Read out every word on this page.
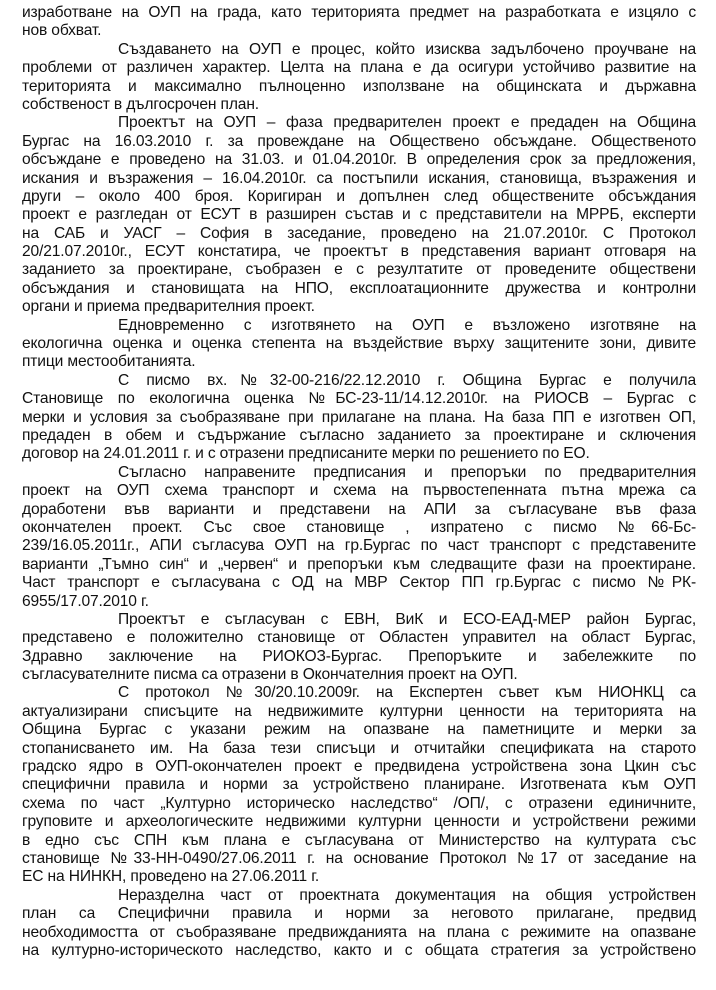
изработване на ОУП на града, като територията предмет на разработката е изцяло с
нов обхват.
Създаването на ОУП е процес, който изисква задълбочено проучване на
проблеми от различен характер. Целта на плана е да осигури устойчиво развитие на
територията и максимално пълноценно използване на общинската и държавна
собственост в дългосрочен план.
Проектът на ОУП – фаза предварителен проект е предаден на Община
Бургас на 16.03.2010 г. за провеждане на Обществено обсъждане. Общественото
обсъждане е проведено на 31.03. и 01.04.2010г. В определения срок за предложения,
искания и възражения – 16.04.2010г. са постъпили искания, становища, възражения и
други – около 400 броя. Коригиран и допълнен след обществените обсъждания
проект е разгледан от ЕСУТ в разширен състав и с представители на МРРБ, експерти
на САБ и УАСГ – София в заседание, проведено на 21.07.2010г. С Протокол
20/21.07.2010г., ЕСУТ констатира, че проектът в представения вариант отговаря на
заданието за проектиране, съобразен е с резултатите от проведените обществени
обсъждания и становищата на НПО, експлоатационните дружества и контролни
органи и приема предварителния проект.
Едновременно с изготвянето на ОУП е възложено изготвяне на
екологична оценка и оценка степента на въздействие върху защитените зони, дивите
птици местообитанията.
С писмо вх.№32-00-216/22.12.2010 г. Община Бургас е получила
Становище по екологична оценка №БС-23-11/14.12.2010г. на РИОСВ – Бургас с
мерки и условия за съобразяване при прилагане на плана. На база ПП е изготвен ОП,
предаден в обем и съдържание съгласно заданието за проектиране и сключения
договор на 24.01.2011 г. и с отразени предписаните мерки по решението по ЕО.
Съгласно направените предписания и препоръки по предварителния
проект на ОУП схема транспорт и схема на първостепенната пътна мрежа са
доработени във варианти и представени на АПИ за съгласуване във фаза
окончателен проект. Със свое становище , изпратено с писмо №66-Бс-
239/16.05.2011г., АПИ съгласува ОУП на гр.Бургас по част транспорт с представените
варианти „Тъмно син“ и „червен“ и препоръки към следващите фази на проектиране.
Част транспорт е съгласувана с ОД на МВР Сектор ПП гр.Бургас с писмо №РК-
6955/17.07.2010 г.
Проектът е съгласуван с ЕВН, ВиК и ЕСО-ЕАД-МЕР район Бургас,
представено е положително становище от Областен управител на област Бургас,
Здравно заключение на РИОКОЗ-Бургас. Препоръките и забележките по
съгласувателните писма са отразени в Окончателния проект на ОУП.
С протокол №30/20.10.2009г. на Експертен съвет към НИОНКЦ са
актуализирани списъците на недвижимите културни ценности на територията на
Община Бургас с указани режим на опазване на паметниците и мерки за
стопанисването им. На база тези списъци и отчитайки спецификата на старото
градско ядро в ОУП-окончателен проект е предвидена устройствена зона Цкин със
специфични правила и норми за устройствено планиране. Изготвената към ОУП
схема по част „Културно историческо наследство“ /ОП/, с отразени единичните,
груповите и археологическите недвижими културни ценности и устройствени режими
в едно със СПН към плана е съгласувана от Министерство на културата със
становище №33-НН-0490/27.06.2011 г. на основание Протокол №17 от заседание на
ЕС на НИНКН, проведено на 27.06.2011 г.
Неразделна част от проектната документация на общия устройствен
план са Специфични правила и норми за неговото прилагане, предвид
необходимостта от съобразяване предвижданията на плана с режимите на опазване
на културно-историческото наследство, както и с общата стратегия за устройствено
